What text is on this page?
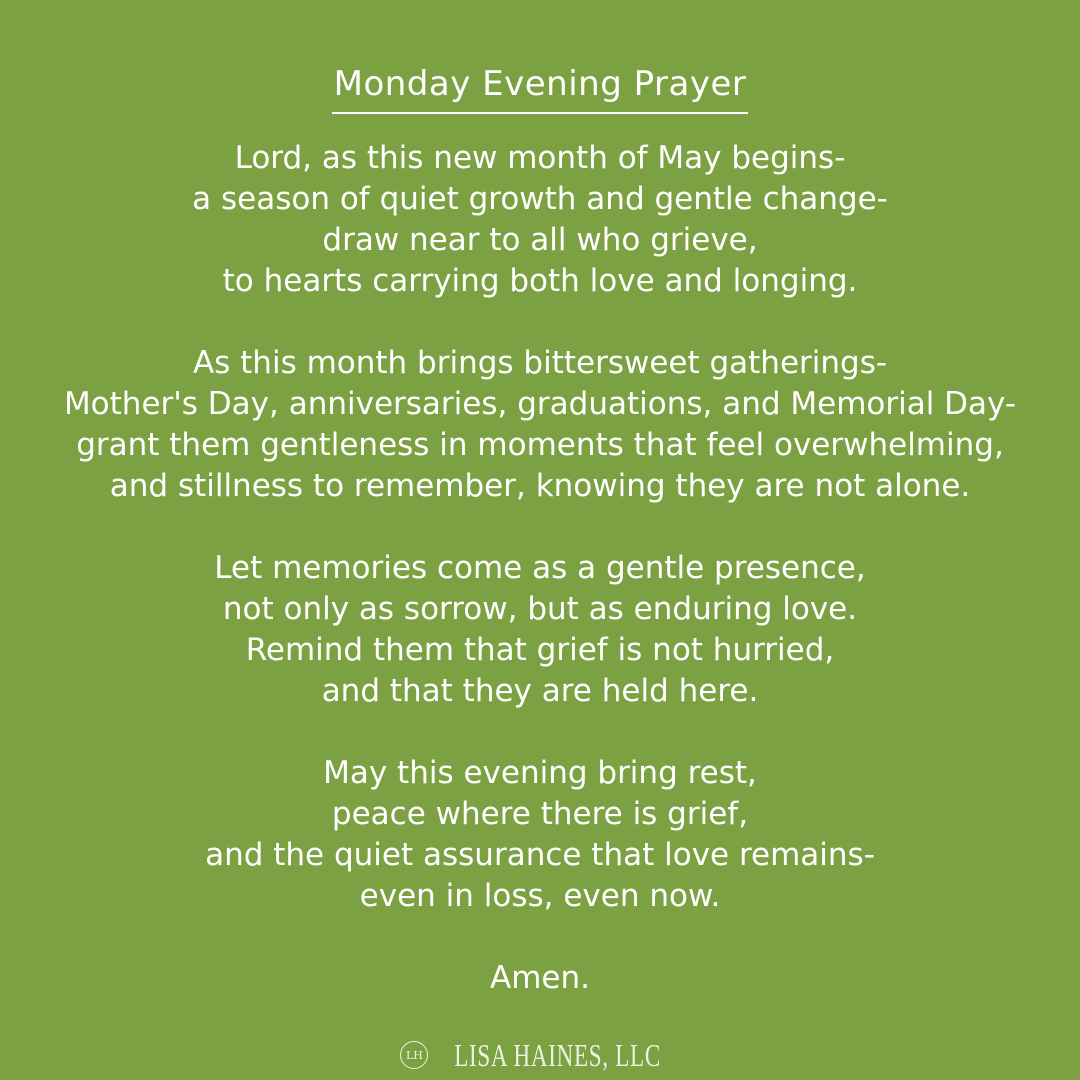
Monday Evening Prayer
Lord, as this new month of May begins-
a season of quiet growth and gentle change-
draw near to all who grieve,
to hearts carrying both love and longing.
As this month brings bittersweet gatherings-
Mother's Day, anniversaries, graduations, and Memorial Day-
grant them gentleness in moments that feel overwhelming,
and stillness to remember, knowing they are not alone.
Let memories come as a gentle presence,
not only as sorrow, but as enduring love.
Remind them that grief is not hurried,
and that they are held here.
May this evening bring rest,
peace where there is grief,
and the quiet assurance that love remains-
even in loss, even now.
Amen.
LH LISA HAINES, LLC
